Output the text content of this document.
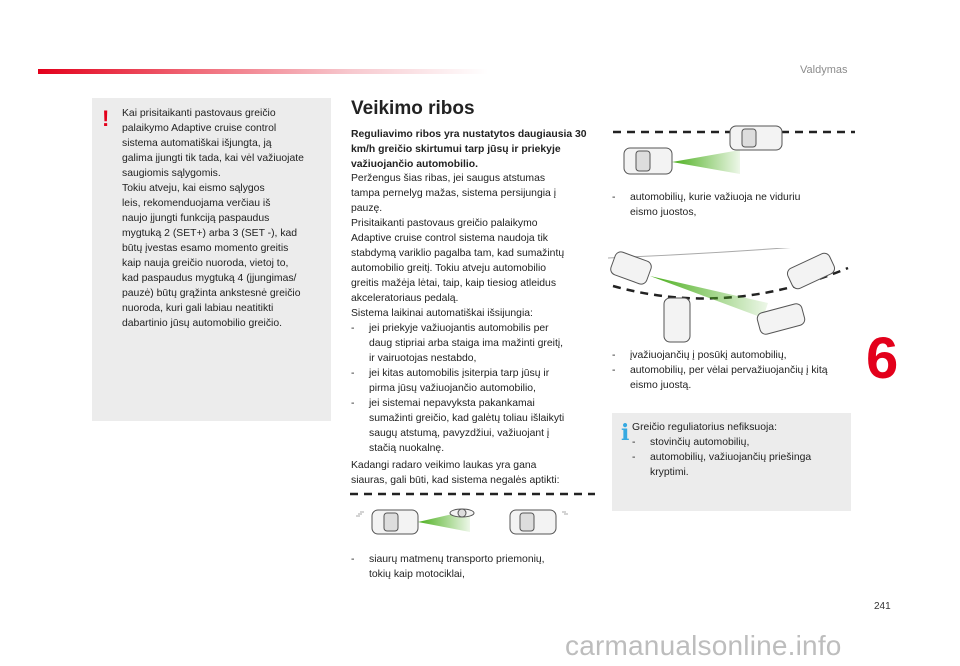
Valdymas
6
241
! Kai prisitaikanti pastovaus greičio
palaikymo Adaptive cruise control
sistema automatiškai išjungta, ją
galima įjungti tik tada, kai vėl važiuojate
saugiomis sąlygomis.
Tokiu atveju, kai eismo sąlygos
leis, rekomenduojama verčiau iš
naujo įjungti funkciją paspaudus
mygtuką 2 (SET+) arba 3 (SET -), kad
būtų įvestas esamo momento greitis
kaip nauja greičio nuoroda, vietoj to,
kad paspaudus mygtuką 4 (įjungimas/
pauzė) būtų grąžinta ankstesnė greičio
nuoroda, kuri gali labiau neatitikti
dabartinio jūsų automobilio greičio.
Veikimo ribos
Reguliavimo ribos yra nustatytos daugiausia 30 km/h greičio skirtumui tarp jūsų ir priekyje važiuojančio automobilio.
Peržengus šias ribas, jei saugus atstumas
tampa pernelyg mažas, sistema persijungia į
pauzę.
Prisitaikanti pastovaus greičio palaikymo
Adaptive cruise control sistema naudoja tik
stabdymą variklio pagalba tam, kad sumažintų
automobilio greitį. Tokiu atveju automobilio
greitis mažėja lėtai, taip, kaip tiesiog atleidus
akceleratoriaus pedalą.
Sistema laikinai automatiškai išsijungia:
- jei priekyje važiuojantis automobilis per
daug stipriai arba staiga ima mažinti greitį,
ir vairuotojas nestabdo,
- jei kitas automobilis įsiterpia tarp jūsų ir
pirma jūsų važiuojančio automobilio,
- jei sistemai nepavyksta pakankamai
sumažinti greičio, kad galėtų toliau išlaikyti
saugų atstumą, pavyzdžiui, važiuojant į
stačią nuokalnę.
Kadangi radaro veikimo laukas yra gana
siauras, gali būti, kad sistema negalės aptikti:
- siaurų matmenų transporto priemonių,
tokių kaip motociklai,
- automobilių, kurie važiuoja ne viduriu
eismo juostos,
- įvažiuojančių į posūkį automobilių,
- automobilių, per vėlai pervažiuojančių į kitą
eismo juostą.
i Greičio reguliatorius nefiksuoja:
- stovinčių automobilių,
- automobilių, važiuojančių priešinga
kryptimi.
carmanualsonline.info
